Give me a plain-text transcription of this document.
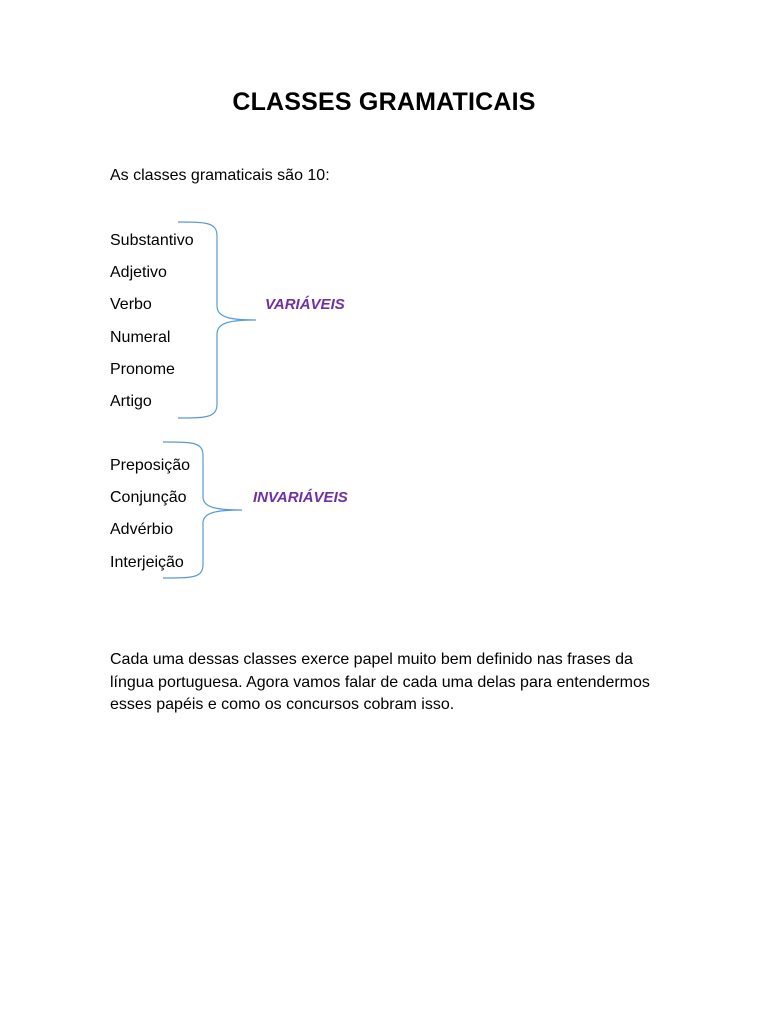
CLASSES GRAMATICAIS
As classes gramaticais são 10:
Substantivo
Adjetivo
Verbo
Numeral
Pronome
Artigo
VARIÁVEIS
Preposição
Conjunção
Advérbio
Interjeição
INVARIÁVEIS
Cada uma dessas classes exerce papel muito bem definido nas frases da língua portuguesa. Agora vamos falar de cada uma delas para entendermos esses papéis e como os concursos cobram isso.
